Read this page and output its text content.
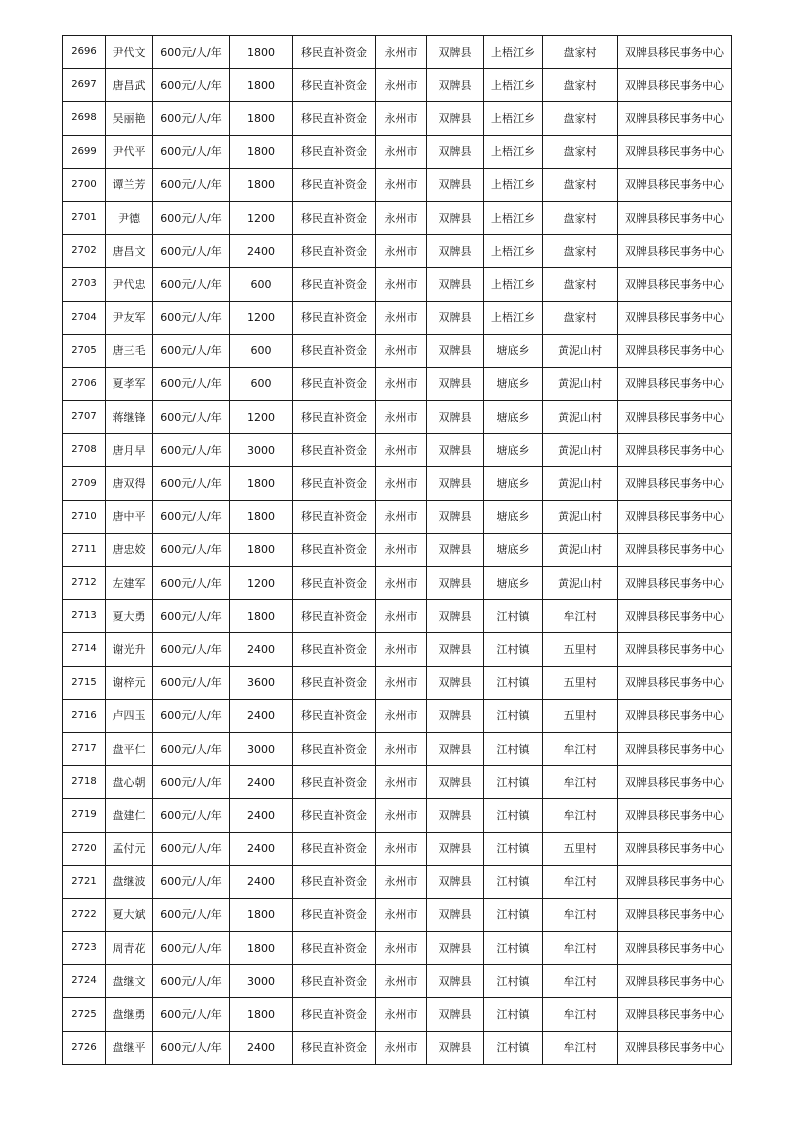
2696	尹代文	600元/人/年	1800	移民直补资金	永州市	双牌县	上梧江乡	盘家村	双牌县移民事务中心
2697	唐昌武	600元/人/年	1800	移民直补资金	永州市	双牌县	上梧江乡	盘家村	双牌县移民事务中心
2698	吴丽艳	600元/人/年	1800	移民直补资金	永州市	双牌县	上梧江乡	盘家村	双牌县移民事务中心
2699	尹代平	600元/人/年	1800	移民直补资金	永州市	双牌县	上梧江乡	盘家村	双牌县移民事务中心
2700	谭兰芳	600元/人/年	1800	移民直补资金	永州市	双牌县	上梧江乡	盘家村	双牌县移民事务中心
2701	尹德	600元/人/年	1200	移民直补资金	永州市	双牌县	上梧江乡	盘家村	双牌县移民事务中心
2702	唐昌文	600元/人/年	2400	移民直补资金	永州市	双牌县	上梧江乡	盘家村	双牌县移民事务中心
2703	尹代忠	600元/人/年	600	移民直补资金	永州市	双牌县	上梧江乡	盘家村	双牌县移民事务中心
2704	尹友军	600元/人/年	1200	移民直补资金	永州市	双牌县	上梧江乡	盘家村	双牌县移民事务中心
2705	唐三毛	600元/人/年	600	移民直补资金	永州市	双牌县	塘底乡	黄泥山村	双牌县移民事务中心
2706	夏孝军	600元/人/年	600	移民直补资金	永州市	双牌县	塘底乡	黄泥山村	双牌县移民事务中心
2707	蒋继锋	600元/人/年	1200	移民直补资金	永州市	双牌县	塘底乡	黄泥山村	双牌县移民事务中心
2708	唐月早	600元/人/年	3000	移民直补资金	永州市	双牌县	塘底乡	黄泥山村	双牌县移民事务中心
2709	唐双得	600元/人/年	1800	移民直补资金	永州市	双牌县	塘底乡	黄泥山村	双牌县移民事务中心
2710	唐中平	600元/人/年	1800	移民直补资金	永州市	双牌县	塘底乡	黄泥山村	双牌县移民事务中心
2711	唐忠姣	600元/人/年	1800	移民直补资金	永州市	双牌县	塘底乡	黄泥山村	双牌县移民事务中心
2712	左建军	600元/人/年	1200	移民直补资金	永州市	双牌县	塘底乡	黄泥山村	双牌县移民事务中心
2713	夏大勇	600元/人/年	1800	移民直补资金	永州市	双牌县	江村镇	牟江村	双牌县移民事务中心
2714	谢光升	600元/人/年	2400	移民直补资金	永州市	双牌县	江村镇	五里村	双牌县移民事务中心
2715	谢梓元	600元/人/年	3600	移民直补资金	永州市	双牌县	江村镇	五里村	双牌县移民事务中心
2716	卢四玉	600元/人/年	2400	移民直补资金	永州市	双牌县	江村镇	五里村	双牌县移民事务中心
2717	盘平仁	600元/人/年	3000	移民直补资金	永州市	双牌县	江村镇	牟江村	双牌县移民事务中心
2718	盘心朝	600元/人/年	2400	移民直补资金	永州市	双牌县	江村镇	牟江村	双牌县移民事务中心
2719	盘建仁	600元/人/年	2400	移民直补资金	永州市	双牌县	江村镇	牟江村	双牌县移民事务中心
2720	孟付元	600元/人/年	2400	移民直补资金	永州市	双牌县	江村镇	五里村	双牌县移民事务中心
2721	盘继波	600元/人/年	2400	移民直补资金	永州市	双牌县	江村镇	牟江村	双牌县移民事务中心
2722	夏大斌	600元/人/年	1800	移民直补资金	永州市	双牌县	江村镇	牟江村	双牌县移民事务中心
2723	周青花	600元/人/年	1800	移民直补资金	永州市	双牌县	江村镇	牟江村	双牌县移民事务中心
2724	盘继文	600元/人/年	3000	移民直补资金	永州市	双牌县	江村镇	牟江村	双牌县移民事务中心
2725	盘继勇	600元/人/年	1800	移民直补资金	永州市	双牌县	江村镇	牟江村	双牌县移民事务中心
2726	盘继平	600元/人/年	2400	移民直补资金	永州市	双牌县	江村镇	牟江村	双牌县移民事务中心
